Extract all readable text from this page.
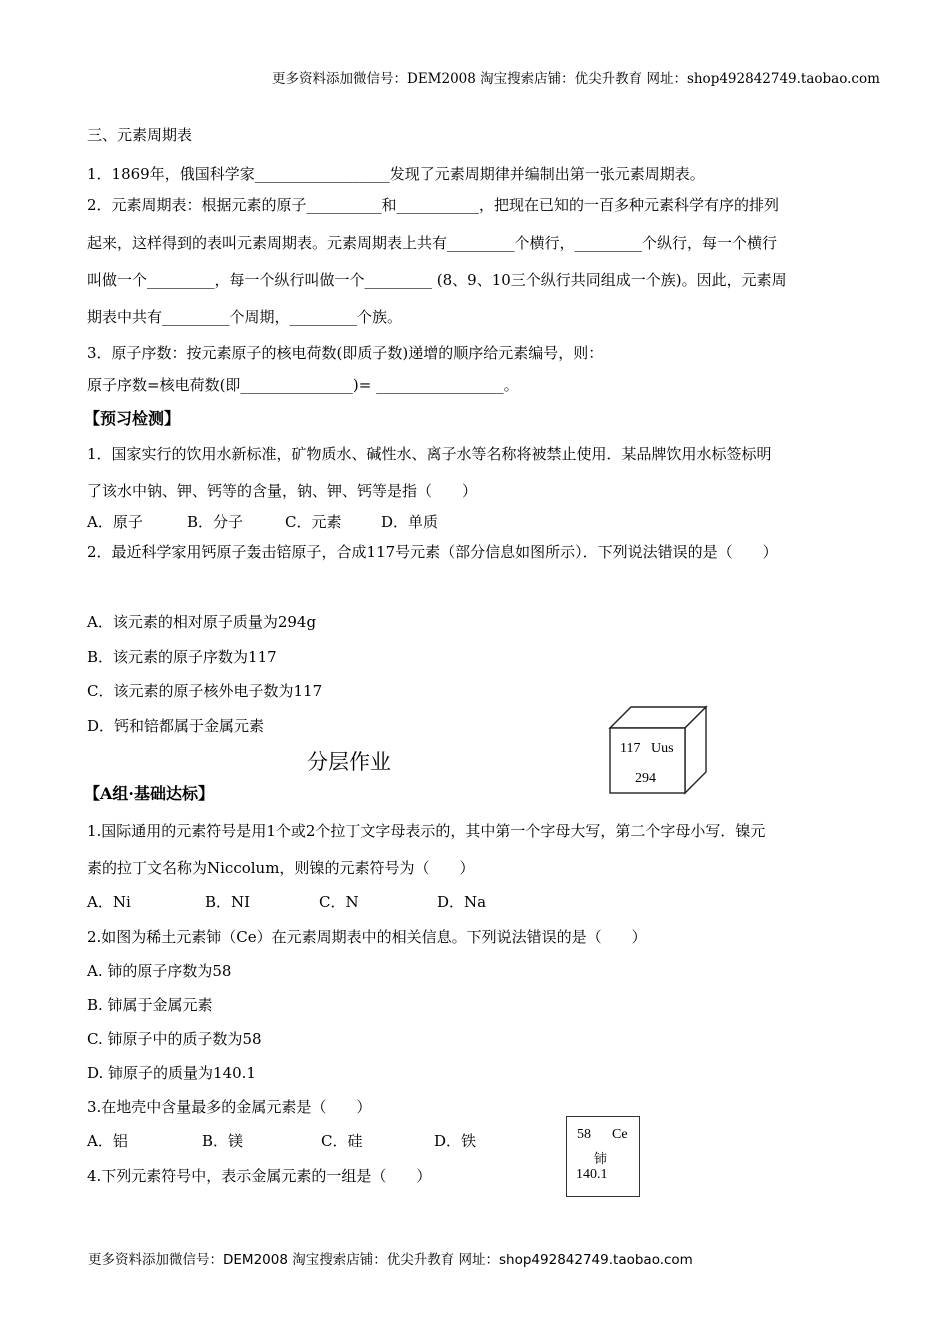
更多资料添加微信号：DEM2008 淘宝搜索店铺：优尖升教育 网址：shop492842749.taobao.com
三、元素周期表
1．1869年，俄国科学家__________________发现了元素周期律并编制出第一张元素周期表。
2．元素周期表：根据元素的原子__________和___________，把现在已知的一百多种元素科学有序的排列
起来，这样得到的表叫元素周期表。元素周期表上共有_________个横行，_________个纵行，每一个横行
叫做一个_________，每一个纵行叫做一个_________ (8、9、10三个纵行共同组成一个族)。因此，元素周
期表中共有_________个周期，_________个族。
3．原子序数：按元素原子的核电荷数(即质子数)递增的顺序给元素编号，则：
原子序数=核电荷数(即_______________)= _________________。
【预习检测】
1．国家实行的饮用水新标准，矿物质水、碱性水、离子水等名称将被禁止使用．某品牌饮用水标签标明
了该水中钠、钾、钙等的含量，钠、钾、钙等是指（　　）
A．原子	B．分子	C．元素	D．单质
2．最近科学家用钙原子轰击锫原子，合成117号元素（部分信息如图所示）．下列说法错误的是（　　）
A．该元素的相对原子质量为294g
B．该元素的原子序数为117
C．该元素的原子核外电子数为117
D．钙和锫都属于金属元素
117 Uus
294
分层作业
【A组·基础达标】
1.国际通用的元素符号是用1个或2个拉丁文字母表示的，其中第一个字母大写，第二个字母小写．镍元
素的拉丁文名称为Niccolum，则镍的元素符号为（　　）
A．Ni	B．NI	C．N	D．Na
2.如图为稀土元素铈（Ce）在元素周期表中的相关信息。下列说法错误的是（　　）
A. 铈的原子序数为58
B. 铈属于金属元素
C. 铈原子中的质子数为58
D. 铈原子的质量为140.1
3.在地壳中含量最多的金属元素是（　　）
A．铝	B．镁	C．硅	D．铁
4.下列元素符号中，表示金属元素的一组是（　　）
58 Ce
铈
140.1
更多资料添加微信号：DEM2008 淘宝搜索店铺：优尖升教育 网址：shop492842749.taobao.com
